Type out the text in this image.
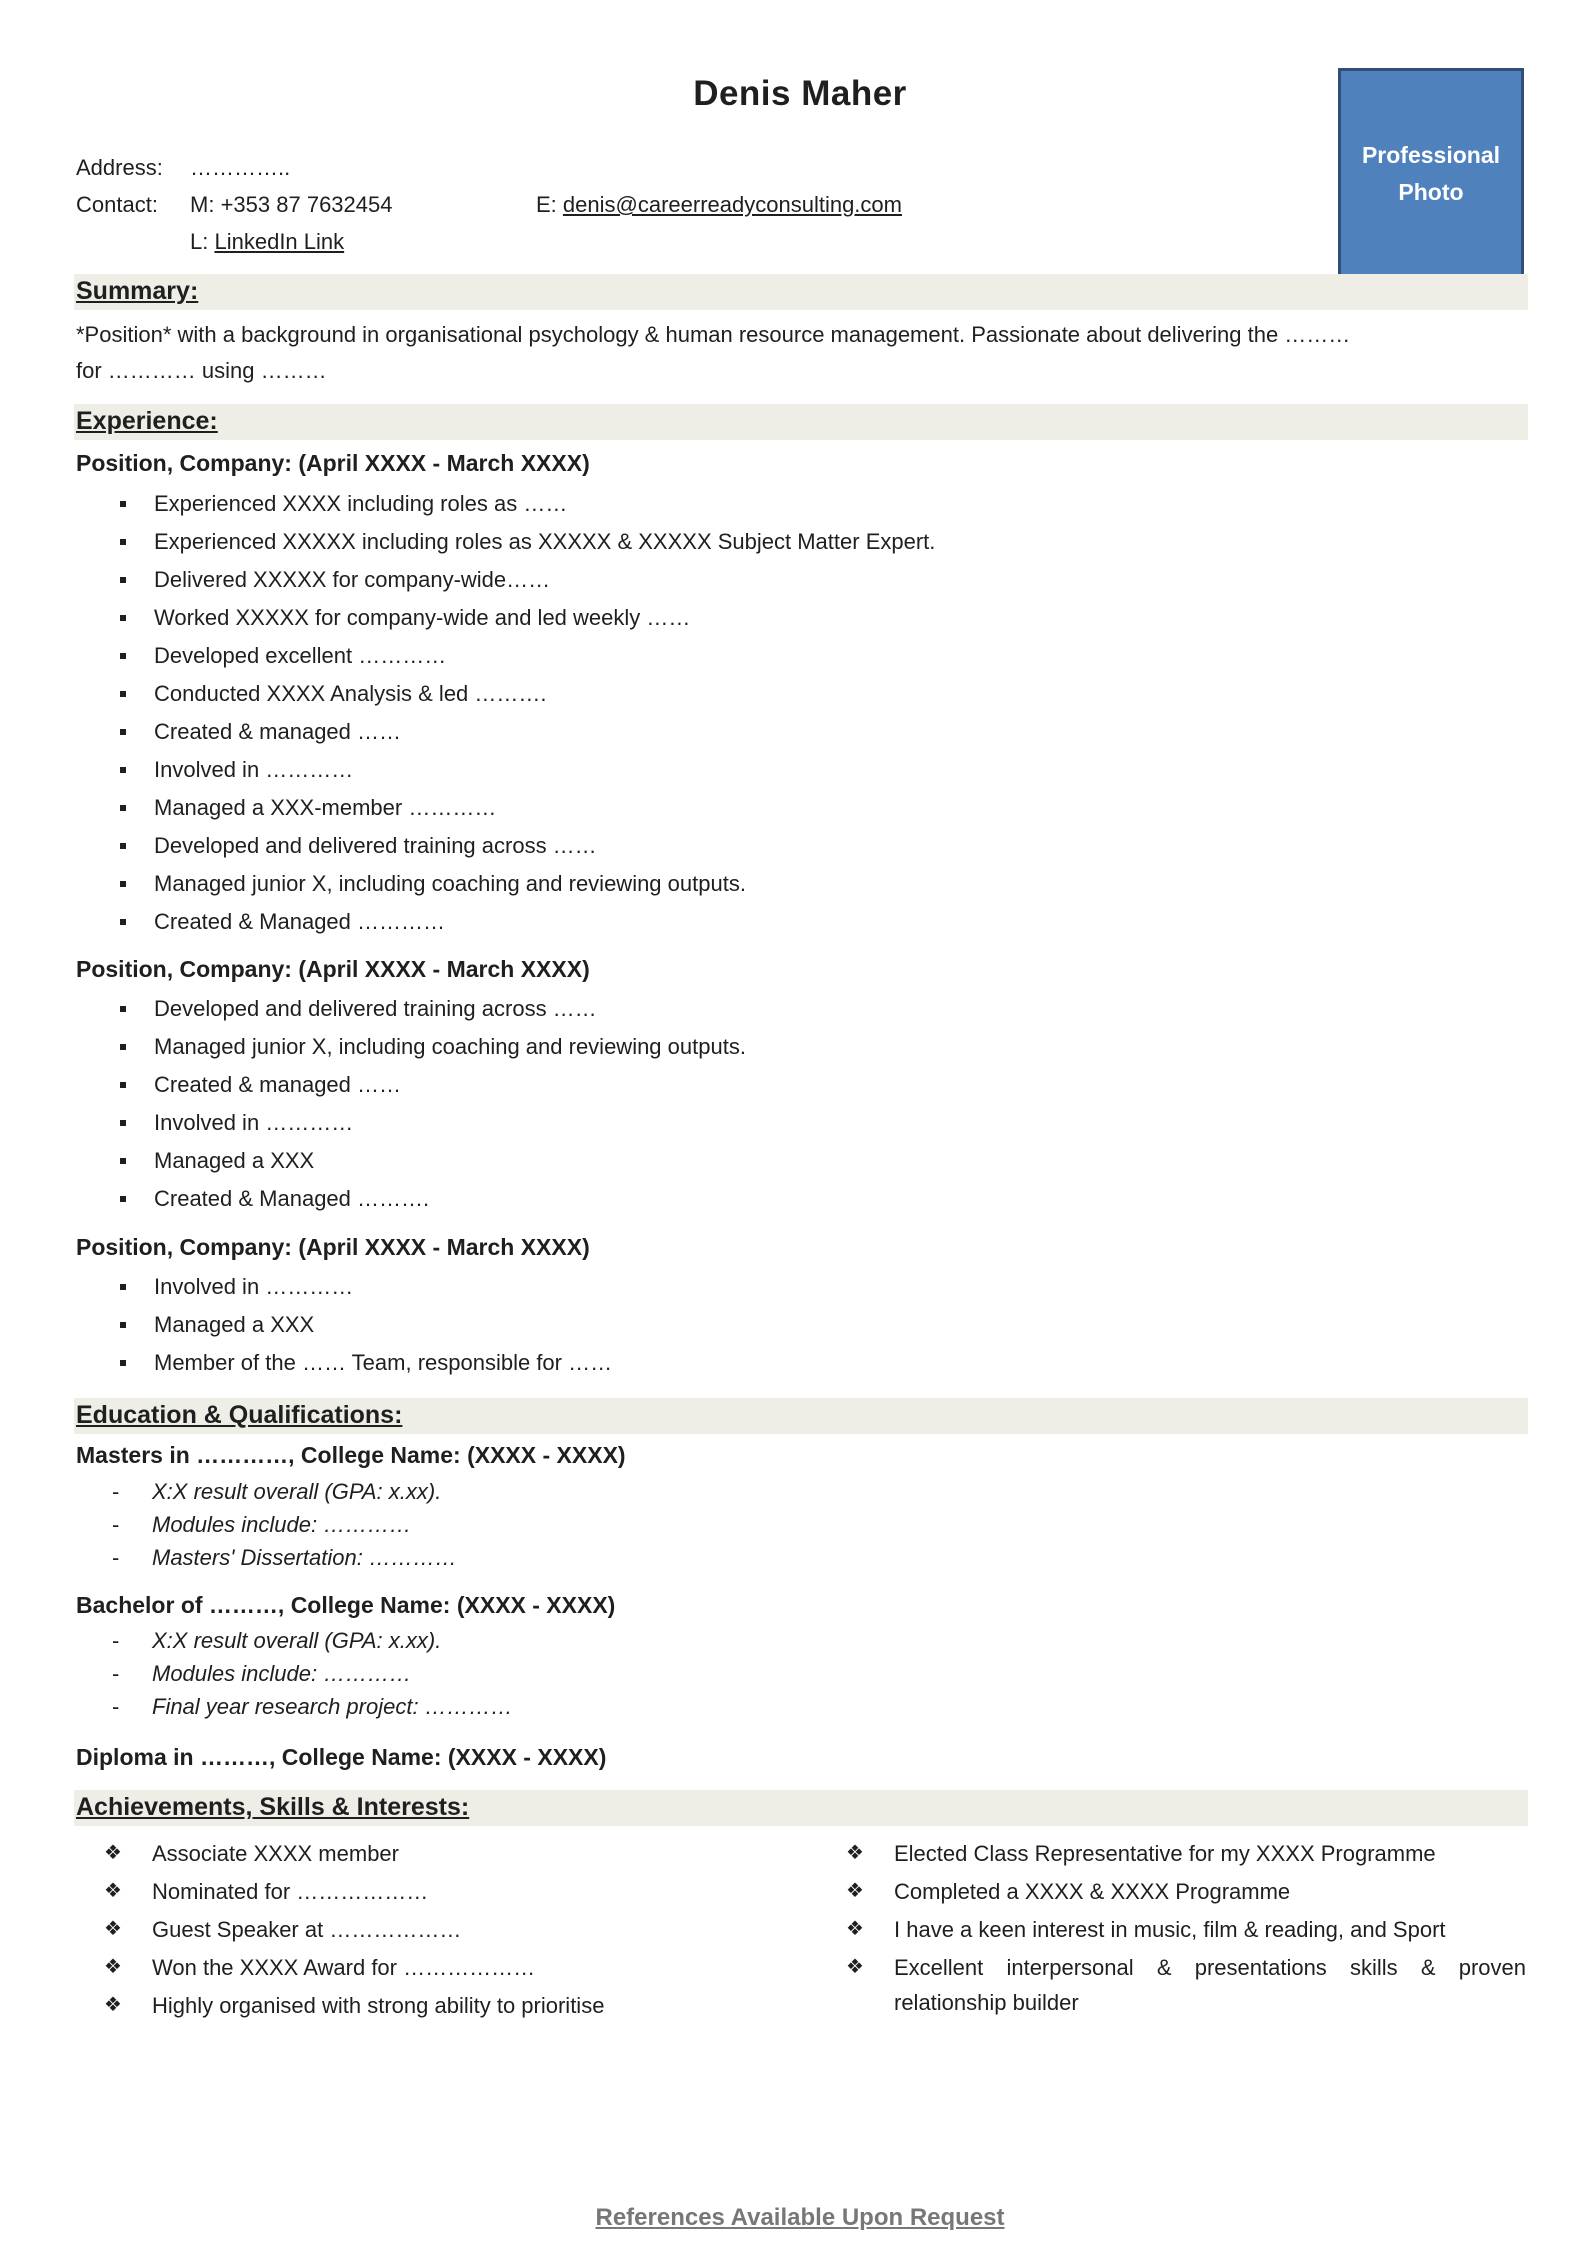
Denis Maher
Professional
Photo
Address: …………..
Contact: M: +353 87 7632454	E: denis@careerreadyconsulting.com
L: LinkedIn Link
Summary:
*Position* with a background in organisational psychology & human resource management. Passionate about delivering the ………
for ………… using ………
Experience:
Position, Company: (April XXXX - March XXXX)
Experienced XXXX including roles as ……
Experienced XXXXX including roles as XXXXX & XXXXX Subject Matter Expert.
Delivered XXXXX for company-wide……
Worked XXXXX for company-wide and led weekly ……
Developed excellent …………
Conducted XXXX Analysis & led ……….
Created & managed ……
Involved in …………
Managed a XXX-member …………
Developed and delivered training across ……
Managed junior X, including coaching and reviewing outputs.
Created & Managed …………
Position, Company: (April XXXX - March XXXX)
Developed and delivered training across ……
Managed junior X, including coaching and reviewing outputs.
Created & managed ……
Involved in …………
Managed a XXX
Created & Managed ……….
Position, Company: (April XXXX - March XXXX)
Involved in …………
Managed a XXX
Member of the …… Team, responsible for ……
Education & Qualifications:
Masters in …………, College Name: (XXXX - XXXX)
- X:X result overall (GPA: x.xx).
- Modules include: …………
- Masters' Dissertation: …………
Bachelor of ………, College Name: (XXXX - XXXX)
- X:X result overall (GPA: x.xx).
- Modules include: …………
- Final year research project: …………
Diploma in ………, College Name: (XXXX - XXXX)
Achievements, Skills & Interests:
❖ Associate XXXX member
❖ Nominated for ………………
❖ Guest Speaker at ………………
❖ Won the XXXX Award for ………………
❖ Highly organised with strong ability to prioritise
❖ Elected Class Representative for my XXXX Programme
❖ Completed a XXXX & XXXX Programme
❖ I have a keen interest in music, film & reading, and Sport
❖ Excellent interpersonal & presentations skills & proven relationship builder
References Available Upon Request
